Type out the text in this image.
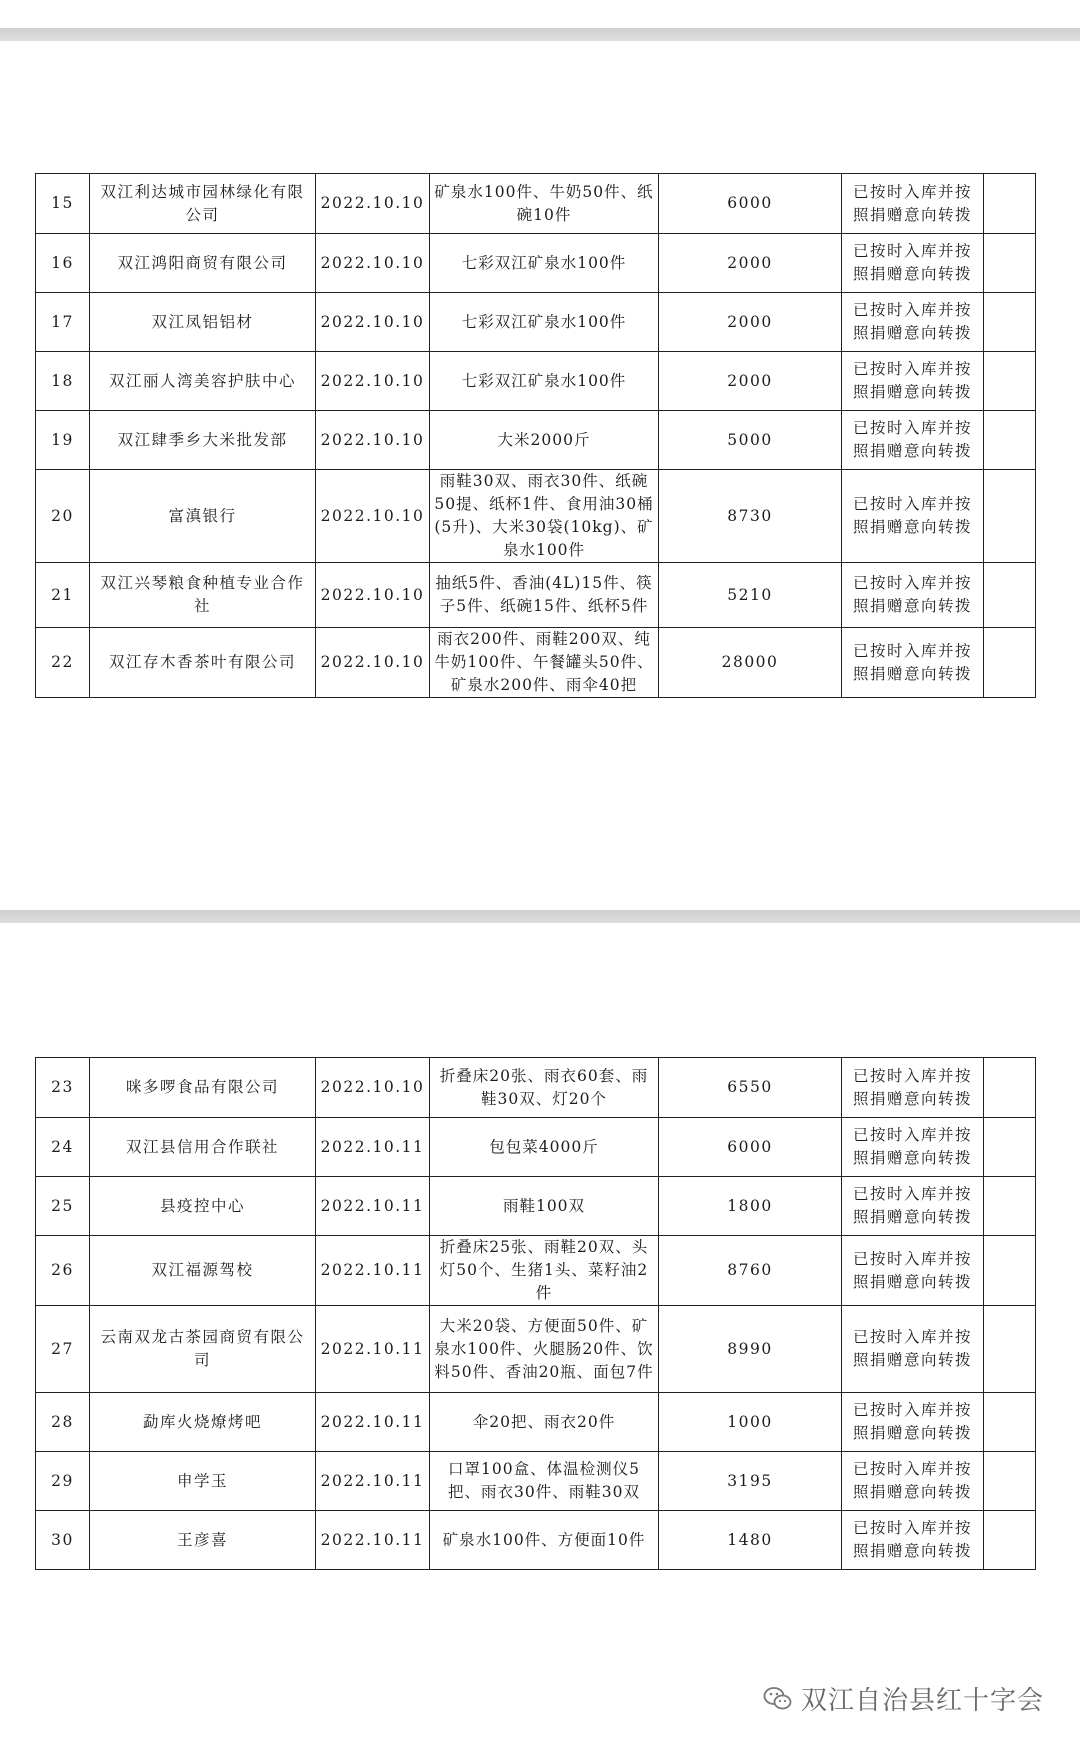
15	双江利达城市园林绿化有限公司	2022.10.10	矿泉水100件、牛奶50件、纸碗10件	6000	已按时入库并按照捐赠意向转拨	
16	双江鸿阳商贸有限公司	2022.10.10	七彩双江矿泉水100件	2000	已按时入库并按照捐赠意向转拨	
17	双江凤铝铝材	2022.10.10	七彩双江矿泉水100件	2000	已按时入库并按照捐赠意向转拨	
18	双江丽人湾美容护肤中心	2022.10.10	七彩双江矿泉水100件	2000	已按时入库并按照捐赠意向转拨	
19	双江肆季乡大米批发部	2022.10.10	大米2000斤	5000	已按时入库并按照捐赠意向转拨	
20	富滇银行	2022.10.10	雨鞋30双、雨衣30件、纸碗50提、纸杯1件、食用油30桶(5升)、大米30袋(10kg)、矿泉水100件	8730	已按时入库并按照捐赠意向转拨	
21	双江兴琴粮食种植专业合作社	2022.10.10	抽纸5件、香油(4L)15件、筷子5件、纸碗15件、纸杯5件	5210	已按时入库并按照捐赠意向转拨	
22	双江存木香茶叶有限公司	2022.10.10	雨衣200件、雨鞋200双、纯牛奶100件、午餐罐头50件、矿泉水200件、雨伞40把	28000	已按时入库并按照捐赠意向转拨	
23	咪多啰食品有限公司	2022.10.10	折叠床20张、雨衣60套、雨鞋30双、灯20个	6550	已按时入库并按照捐赠意向转拨	
24	双江县信用合作联社	2022.10.11	包包菜4000斤	6000	已按时入库并按照捐赠意向转拨	
25	县疫控中心	2022.10.11	雨鞋100双	1800	已按时入库并按照捐赠意向转拨	
26	双江福源驾校	2022.10.11	折叠床25张、雨鞋20双、头灯50个、生猪1头、菜籽油2件	8760	已按时入库并按照捐赠意向转拨	
27	云南双龙古茶园商贸有限公司	2022.10.11	大米20袋、方便面50件、矿泉水100件、火腿肠20件、饮料50件、香油20瓶、面包7件	8990	已按时入库并按照捐赠意向转拨	
28	勐库火烧燎烤吧	2022.10.11	伞20把、雨衣20件	1000	已按时入库并按照捐赠意向转拨	
29	申学玉	2022.10.11	口罩100盒、体温检测仪5把、雨衣30件、雨鞋30双	3195	已按时入库并按照捐赠意向转拨	
30	王彦喜	2022.10.11	矿泉水100件、方便面10件	1480	已按时入库并按照捐赠意向转拨	
双江自治县红十字会
